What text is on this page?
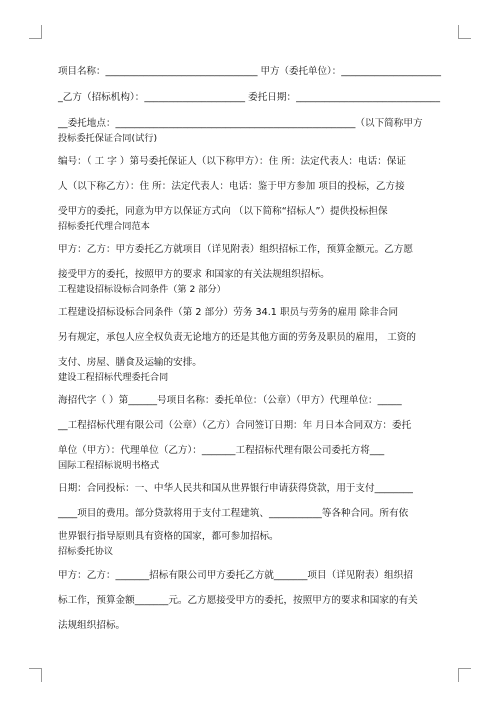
项目名称：________________________________ 甲方（委托单位）：_____________________
_乙方（招标机构）：_____________________ 委托日期：______________________________
__委托地点：__________________________________________________（以下简称甲方
投标委托保证合同(试行)
编号：（ 工 字 ）第号委托保证人（以下称甲方）：住 所：法定代表人：电话：保证
人（以下称乙方）：住 所：法定代表人：电话：鉴于甲方参加 项目的投标，乙方接
受甲方的委托，同意为甲方以保证方式向 （以下简称“招标人”）提供投标担保
招标委托代理合同范本
甲方：乙方：甲方委托乙方就项目（详见附表）组织招标工作，预算金额元。乙方愿
接受甲方的委托，按照甲方的要求 和国家的有关法规组织招标。
工程建设招标设标合同条件（第 2 部分）
工程建设招标设标合同条件（第 2 部分）劳务 34.1 职员与劳务的雇用 除非合同
另有规定，承包人应全权负责无论地方的还是其他方面的劳务及职员的雇用， 工资的
支付、房屋、膳食及运输的安排。
建设工程招标代理委托合同
海招代字（ ）第______号项目名称：委托单位：（公章）（甲方）代理单位：_____
__工程招标代理有限公司（公章）（乙方）合同签订日期：年 月日本合同双方：委托
单位（甲方）：代理单位（乙方）：_______工程招标代理有限公司委托方将___
国际工程招标说明书格式
日期：合同投标：一、中华人民共和国从世界银行申请获得贷款，用于支付________
____项目的费用。部分贷款将用于支付工程建筑、___________等各种合同。所有依
世界银行指导原则具有资格的国家，都可参加招标。
招标委托协议
甲方：乙方：_______招标有限公司甲方委托乙方就_______项目（详见附表）组织招
标工作，预算金额_______元。乙方愿接受甲方的委托，按照甲方的要求和国家的有关
法规组织招标。
